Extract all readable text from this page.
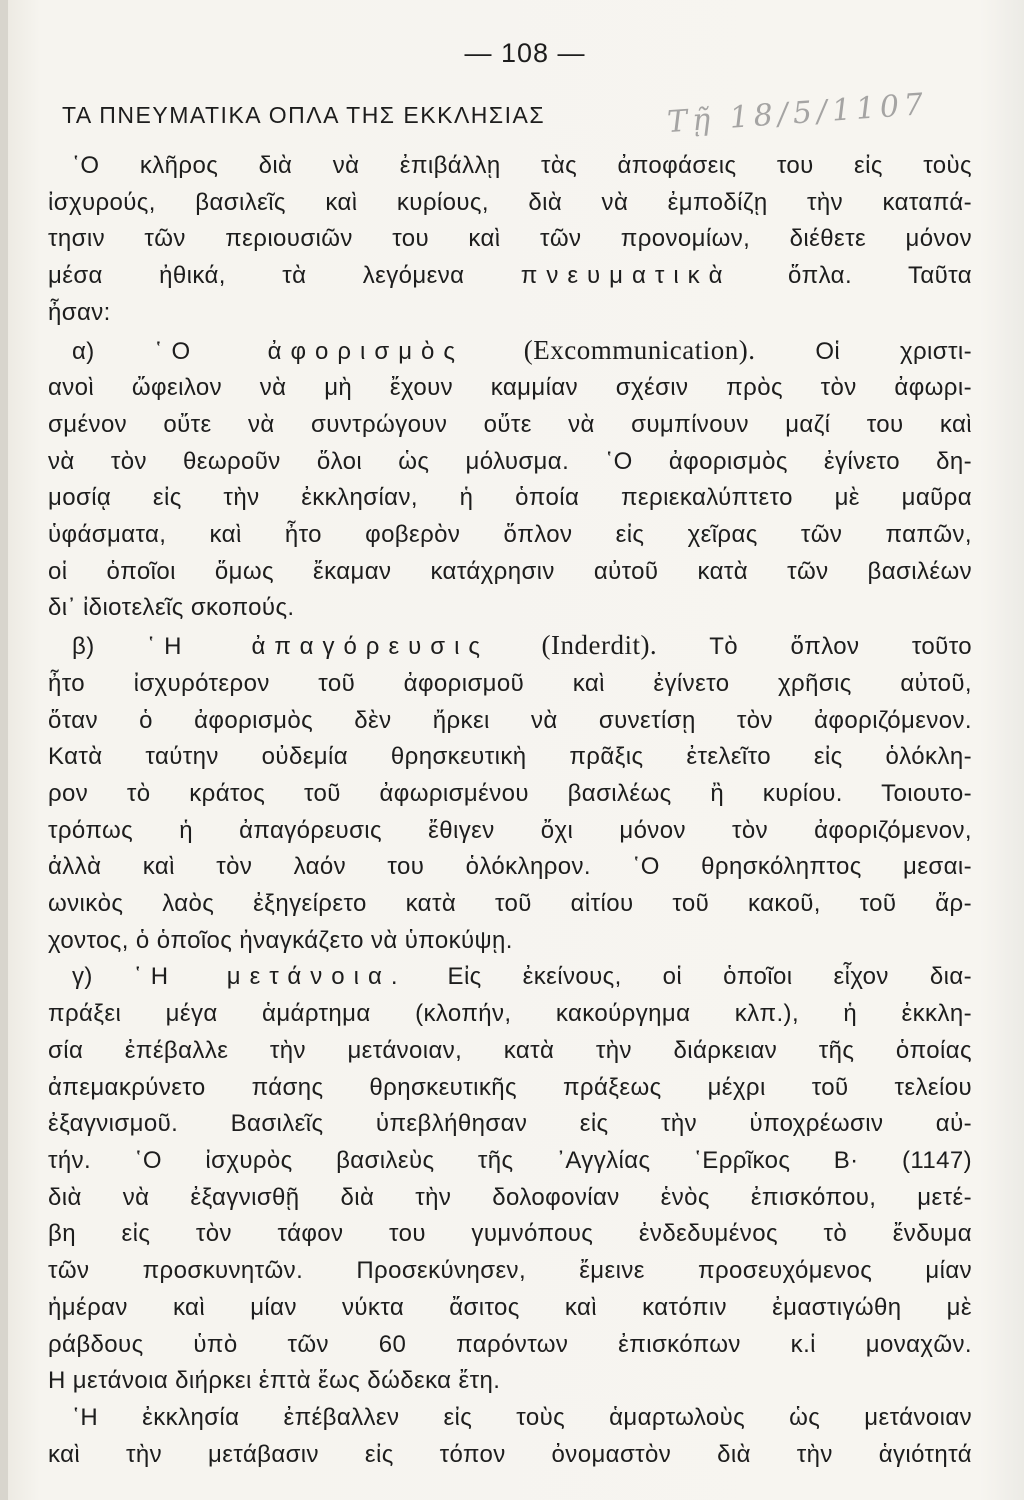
— 108 —
ΤΑ ΠΝΕΥΜΑΤΙΚΑ ΟΠΛΑ ΤΗΣ ΕΚΚΛΗΣΙΑΣ	Τῇ 18/5/1107

῾Ο κλῆρος διὰ νὰ ἐπιβάλλῃ τὰς ἀποφάσεις του εἰς τοὺς

ἰσχυρούς, βασιλεῖς καὶ κυρίους, διὰ νὰ ἐμποδίζῃ τὴν καταπά-

τησιν τῶν περιουσιῶν του καὶ τῶν προνομίων, διέθετε μόνον

μέσα ἠθικά, τὰ λεγόμενα πνευματικὰ ὅπλα. Ταῦτα

ἦσαν:

α) ῾Ο ἀφορισμὸς (Excommunication). Οἱ χριστι-

ανοὶ ὤφειλον νὰ μὴ ἔχουν καμμίαν σχέσιν πρὸς τὸν ἀφωρι-

σμένον οὔτε νὰ συντρώγουν οὔτε νὰ συμπίνουν μαζί του καὶ

νὰ τὸν θεωροῦν ὅλοι ὡς μόλυσμα. ῾Ο ἀφορισμὸς ἐγίνετο δη-

μοσίᾳ εἰς τὴν ἐκκλησίαν, ἡ ὁποία περιεκαλύπτετο μὲ μαῦρα

ὑφάσματα, καὶ ἦτο φοβερὸν ὅπλον εἰς χεῖρας τῶν παπῶν,

οἱ ὁποῖοι ὅμως ἔκαμαν κατάχρησιν αὐτοῦ κατὰ τῶν βασιλέων

δι᾽ ἰδιοτελεῖς σκοπούς.

β) ῾Η ἀπαγόρευσις (Inderdit). Τὸ ὅπλον τοῦτο

ἦτο ἰσχυρότερον τοῦ ἀφορισμοῦ καὶ ἐγίνετο χρῆσις αὐτοῦ,

ὅταν ὁ ἀφορισμὸς δὲν ἤρκει νὰ συνετίσῃ τὸν ἀφοριζόμενον.

Κατὰ ταύτην οὐδεμία θρησκευτικὴ πρᾶξις ἐτελεῖτο εἰς ὁλόκλη-

ρον τὸ κράτος τοῦ ἀφωρισμένου βασιλέως ἢ κυρίου. Τοιουτο-

τρόπως ἡ ἀπαγόρευσις ἔθιγεν ὄχι μόνον τὸν ἀφοριζόμενον,

ἀλλὰ καὶ τὸν λαόν του ὁλόκληρον. ῾Ο θρησκόληπτος μεσαι-

ωνικὸς λαὸς ἐξηγείρετο κατὰ τοῦ αἰτίου τοῦ κακοῦ, τοῦ ἄρ-

χοντος, ὁ ὁποῖος ἠναγκάζετο νὰ ὑποκύψῃ.

γ) ῾Η μετάνοια. Εἰς ἐκείνους, οἱ ὁποῖοι εἶχον δια-

πράξει μέγα ἁμάρτημα (κλοπήν, κακούργημα κλπ.), ἡ ἐκκλη-

σία ἐπέβαλλε τὴν μετάνοιαν, κατὰ τὴν διάρκειαν τῆς ὁποίας

ἀπεμακρύνετο πάσης θρησκευτικῆς πράξεως μέχρι τοῦ τελείου

ἐξαγνισμοῦ. Βασιλεῖς ὑπεβλήθησαν εἰς τὴν ὑποχρέωσιν αὐ-

τήν. ῾Ο ἰσχυρὸς βασιλεὺς τῆς ᾽Αγγλίας ῾Ερρῖκος Β· (1147)

διὰ νὰ ἐξαγνισθῇ διὰ τὴν δολοφονίαν ἑνὸς ἐπισκόπου, μετέ-

βη εἰς τὸν τάφον του γυμνόπους ἐνδεδυμένος τὸ ἔνδυμα

τῶν προσκυνητῶν. Προσεκύνησεν, ἔμεινε προσευχόμενος μίαν

ἡμέραν καὶ μίαν νύκτα ἄσιτος καὶ κατόπιν ἐμαστιγώθη μὲ

ράβδους ὑπὸ τῶν 60 παρόντων ἐπισκόπων κ.ἱ μοναχῶν.

Η μετάνοια διήρκει ἑπτὰ ἕως δώδεκα ἔτη.

῾Η ἐκκλησία ἐπέβαλλεν εἰς τοὺς ἁμαρτωλοὺς ὡς μετάνοιαν

καὶ τὴν μετάβασιν εἰς τόπον ὀνομαστὸν διὰ τὴν ἁγιότητά
